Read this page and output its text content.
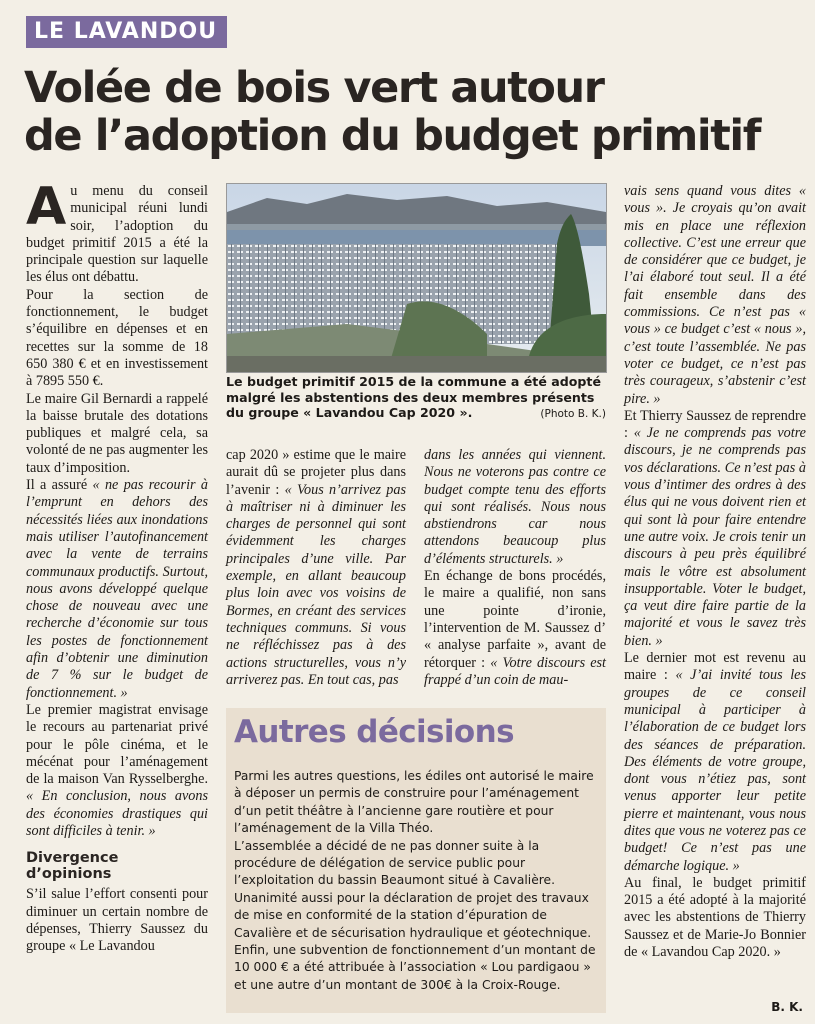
LE LAVANDOU
Volée de bois vert autour
de l’adoption du budget primitif

A u menu du conseil municipal réuni lundi soir, l’adoption du budget primitif 2015 a été la principale question sur laquelle les élus ont débattu.

Pour la section de fonctionnement, le budget s’équilibre en dépenses et en recettes sur la somme de 18 650 380 € et en investissement à 7895 550 €.

Le maire Gil Bernardi a rappelé la baisse brutale des dotations publiques et malgré cela, sa volonté de ne pas augmenter les taux d’imposition.

Il a assuré « ne pas recourir à l’emprunt en dehors des nécessités liées aux inondations mais utiliser l’autofinancement avec la vente de terrains communaux productifs. Surtout, nous avons développé quelque chose de nouveau avec une recherche d’économie sur tous les postes de fonctionnement afin d’obtenir une diminution de 7 % sur le budget de fonctionnement. »

Le premier magistrat envisage le recours au partenariat privé pour le pôle cinéma, et le mécénat pour l’aménagement de la maison Van Rysselberghe. « En conclusion, nous avons des économies drastiques qui sont difficiles à tenir. »

Divergence d’opinions

S’il salue l’effort consenti pour diminuer un certain nombre de dépenses, Thierry Saussez du groupe « Le Lavandou

Le budget primitif 2015 de la commune a été adopté malgré les abstentions des deux membres présents du groupe « Lavandou Cap 2020 ».	(Photo B. K.)

cap 2020 » estime que le maire aurait dû se projeter plus dans l’avenir : « Vous n’arrivez pas à maîtriser ni à diminuer les charges de personnel qui sont évidemment les charges principales d’une ville. Par exemple, en allant beaucoup plus loin avec vos voisins de Bormes, en créant des services techniques communs. Si vous ne réfléchissez pas à des actions structurelles, vous n’y arriverez pas. En tout cas, pas

dans les années qui viennent. Nous ne voterons pas contre ce budget compte tenu des efforts qui sont réalisés. Nous nous abstiendrons car nous attendons beaucoup plus d’éléments structurels. »

En échange de bons procédés, le maire a qualifié, non sans une pointe d’ironie, l’intervention de M. Saussez d’ « analyse parfaite », avant de rétorquer : « Votre discours est frappé d’un coin de mau-

vais sens quand vous dites « vous ». Je croyais qu’on avait mis en place une réflexion collective. C’est une erreur que de considérer que ce budget, je l’ai élaboré tout seul. Il a été fait ensemble dans des commissions. Ce n’est pas « vous » ce budget c’est « nous », c’est toute l’assemblée. Ne pas voter ce budget, ce n’est pas très courageux, s’abstenir c’est pire. »

Et Thierry Saussez de reprendre : « Je ne comprends pas votre discours, je ne comprends pas vos déclarations. Ce n’est pas à vous d’intimer des ordres à des élus qui ne vous doivent rien et qui sont là pour faire entendre une autre voix. Je crois tenir un discours à peu près équilibré mais le vôtre est absolument insupportable. Voter le budget, ça veut dire faire partie de la majorité et vous le savez très bien. »

Le dernier mot est revenu au maire : « J’ai invité tous les groupes de ce conseil municipal à participer à l’élaboration de ce budget lors des séances de préparation. Des éléments de votre groupe, dont vous n’étiez pas, sont venus apporter leur petite pierre et maintenant, vous nous dites que vous ne voterez pas ce budget! Ce n’est pas une démarche logique. »

Au final, le budget primitif 2015 a été adopté à la majorité avec les abstentions de Thierry Saussez et de Marie-Jo Bonnier de « Lavandou Cap 2020. »

Autres décisions

Parmi les autres questions, les édiles ont autorisé le maire à déposer un permis de construire pour l’aménagement d’un petit théâtre à l’ancienne gare routière et pour l’aménagement de la Villa Théo.

L’assemblée a décidé de ne pas donner suite à la procédure de délégation de service public pour l’exploitation du bassin Beaumont situé à Cavalière.

Unanimité aussi pour la déclaration de projet des travaux de mise en conformité de la station d’épuration de Cavalière et de sécurisation hydraulique et géotechnique.

Enfin, une subvention de fonctionnement d’un montant de 10 000 € a été attribuée à l’association « Lou pardigaou » et une autre d’un montant de 300€ à la Croix-Rouge.

B. K.
